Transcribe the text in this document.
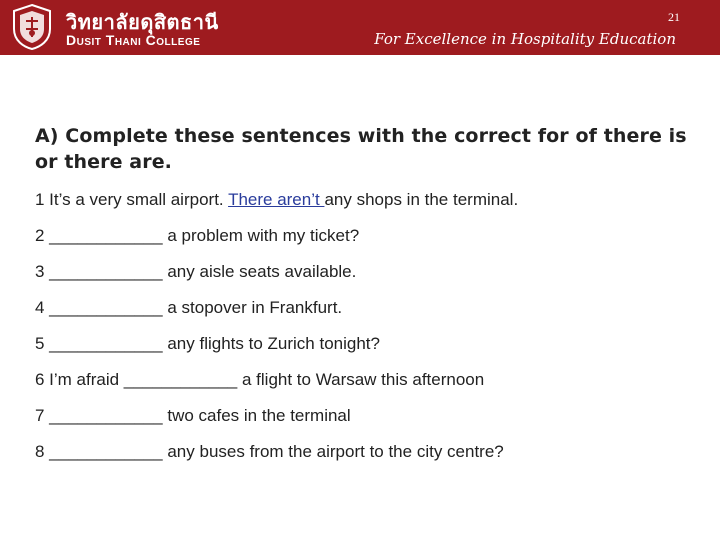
วิทยาลัยดุสิตธานี
Dusit Thani College
21
For Excellence in Hospitality Education
A) Complete these sentences with the correct for of there is or there are.
1 It’s a very small airport. There aren’t any shops in the terminal.
2 ____________ a problem with my ticket?
3 ____________ any aisle seats available.
4 ____________ a stopover in Frankfurt.
5 ____________ any flights to Zurich tonight?
6 I’m afraid ____________ a flight to Warsaw this afternoon
7 ____________ two cafes in the terminal
8 ____________ any buses from the airport to the city centre?
